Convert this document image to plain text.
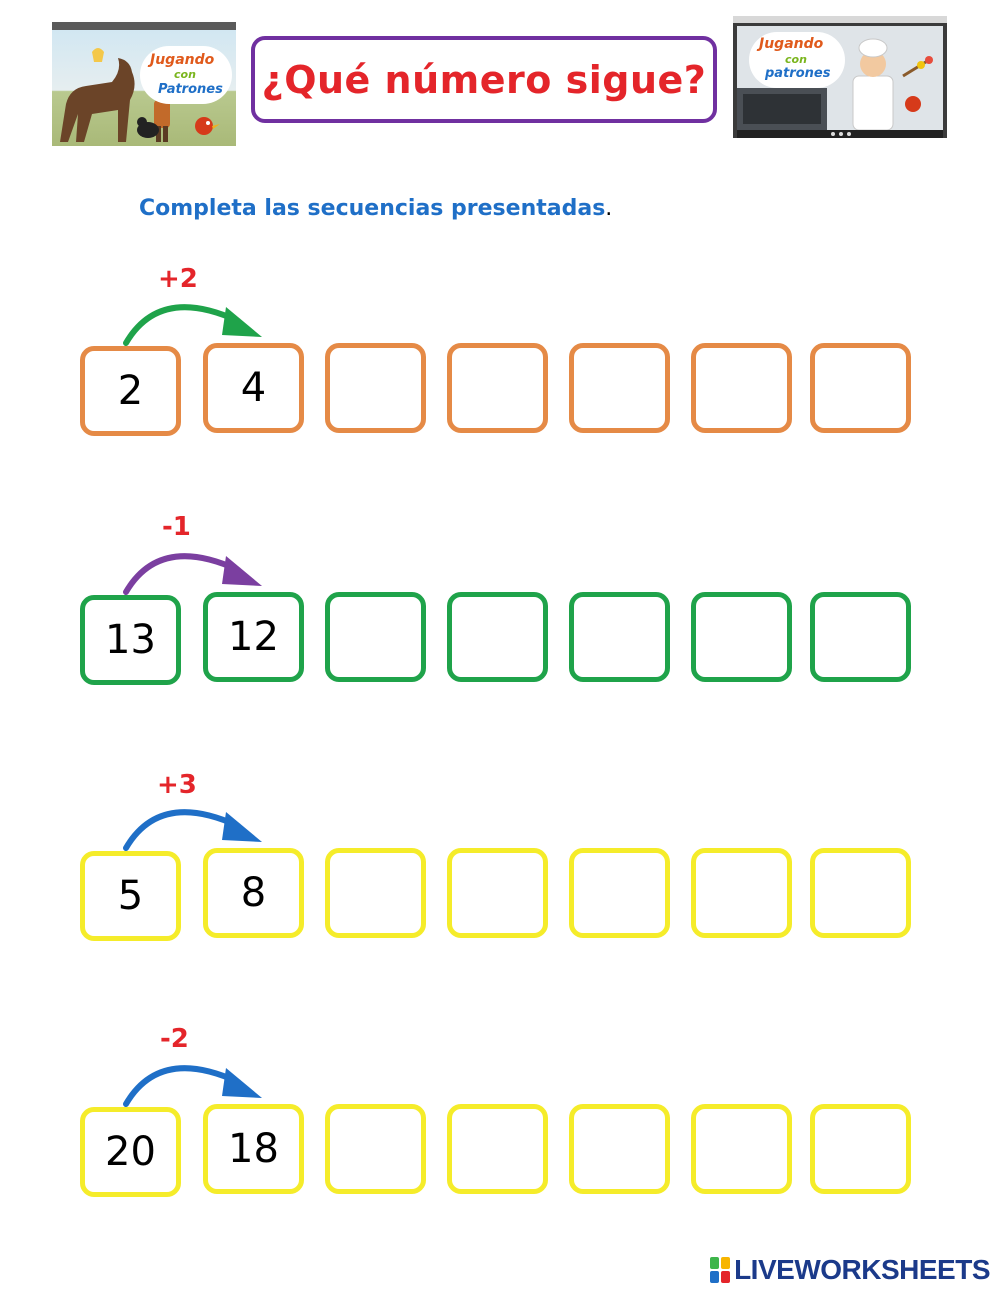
Jugando
con
Patrones ¿Qué número sigue?
Jugando
con
patrones
Completa las secuencias presentadas.
+2
2	4
-1
13	12
+3
5	8
-2
20	18
LIVEWORKSHEETS
